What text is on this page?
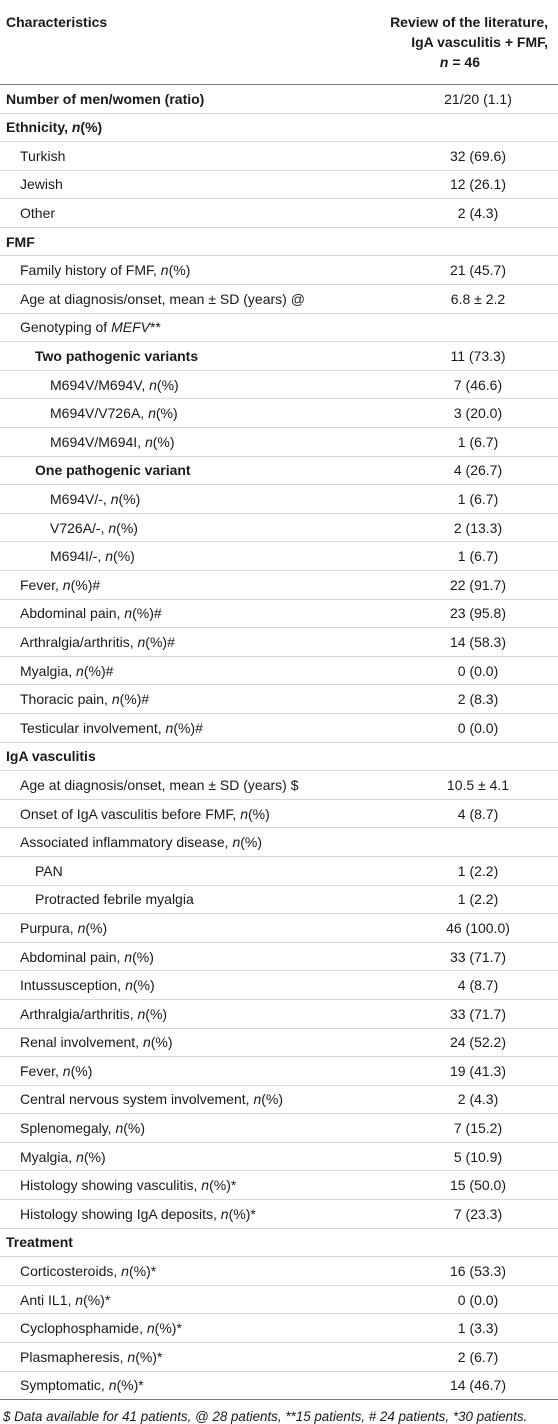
Characteristics	Review of the literature,
IgA vasculitis + FMF,
n = 46

Number of men/women (ratio)	21/20 (1.1)
Ethnicity, n(%)	
Turkish	32 (69.6)
Jewish	12 (26.1)
Other	2 (4.3)
FMF	
Family history of FMF, n(%)	21 (45.7)
Age at diagnosis/onset, mean ± SD (years) @	6.8 ± 2.2
Genotyping of MEFV**	
Two pathogenic variants	11 (73.3)
M694V/M694V, n(%)	7 (46.6)
M694V/V726A, n(%)	3 (20.0)
M694V/M694I, n(%)	1 (6.7)
One pathogenic variant	4 (26.7)
M694V/-, n(%)	1 (6.7)
V726A/-, n(%)	2 (13.3)
M694I/-, n(%)	1 (6.7)
Fever, n(%)#	22 (91.7)
Abdominal pain, n(%)#	23 (95.8)
Arthralgia/arthritis, n(%)#	14 (58.3)
Myalgia, n(%)#	0 (0.0)
Thoracic pain, n(%)#	2 (8.3)
Testicular involvement, n(%)#	0 (0.0)
IgA vasculitis	
Age at diagnosis/onset, mean ± SD (years) $	10.5 ± 4.1
Onset of IgA vasculitis before FMF, n(%)	4 (8.7)
Associated inflammatory disease, n(%)	
PAN	1 (2.2)
Protracted febrile myalgia	1 (2.2)
Purpura, n(%)	46 (100.0)
Abdominal pain, n(%)	33 (71.7)
Intussusception, n(%)	4 (8.7)
Arthralgia/arthritis, n(%)	33 (71.7)
Renal involvement, n(%)	24 (52.2)
Fever, n(%)	19 (41.3)
Central nervous system involvement, n(%)	2 (4.3)
Splenomegaly, n(%)	7 (15.2)
Myalgia, n(%)	5 (10.9)
Histology showing vasculitis, n(%)*	15 (50.0)
Histology showing IgA deposits, n(%)*	7 (23.3)
Treatment	
Corticosteroids, n(%)*	16 (53.3)
Anti IL1, n(%)*	0 (0.0)
Cyclophosphamide, n(%)*	1 (3.3)
Plasmapheresis, n(%)*	2 (6.7)
Symptomatic, n(%)*	14 (46.7)
$ Data available for 41 patients, @ 28 patients, **15 patients, # 24 patients, *30 patients.
